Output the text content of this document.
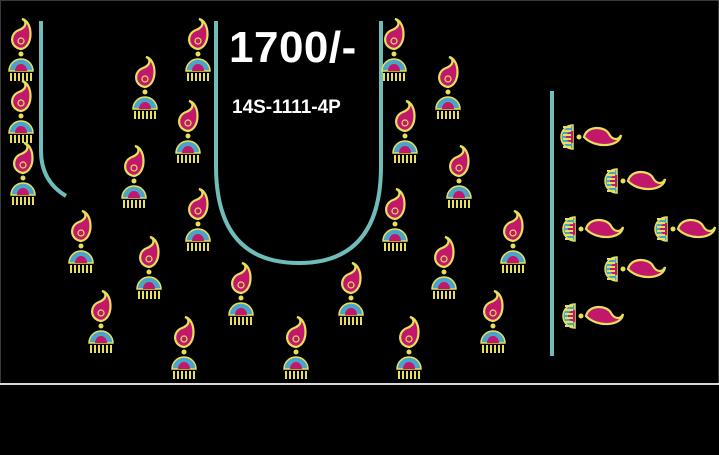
1700/-
14S-1111-4P
